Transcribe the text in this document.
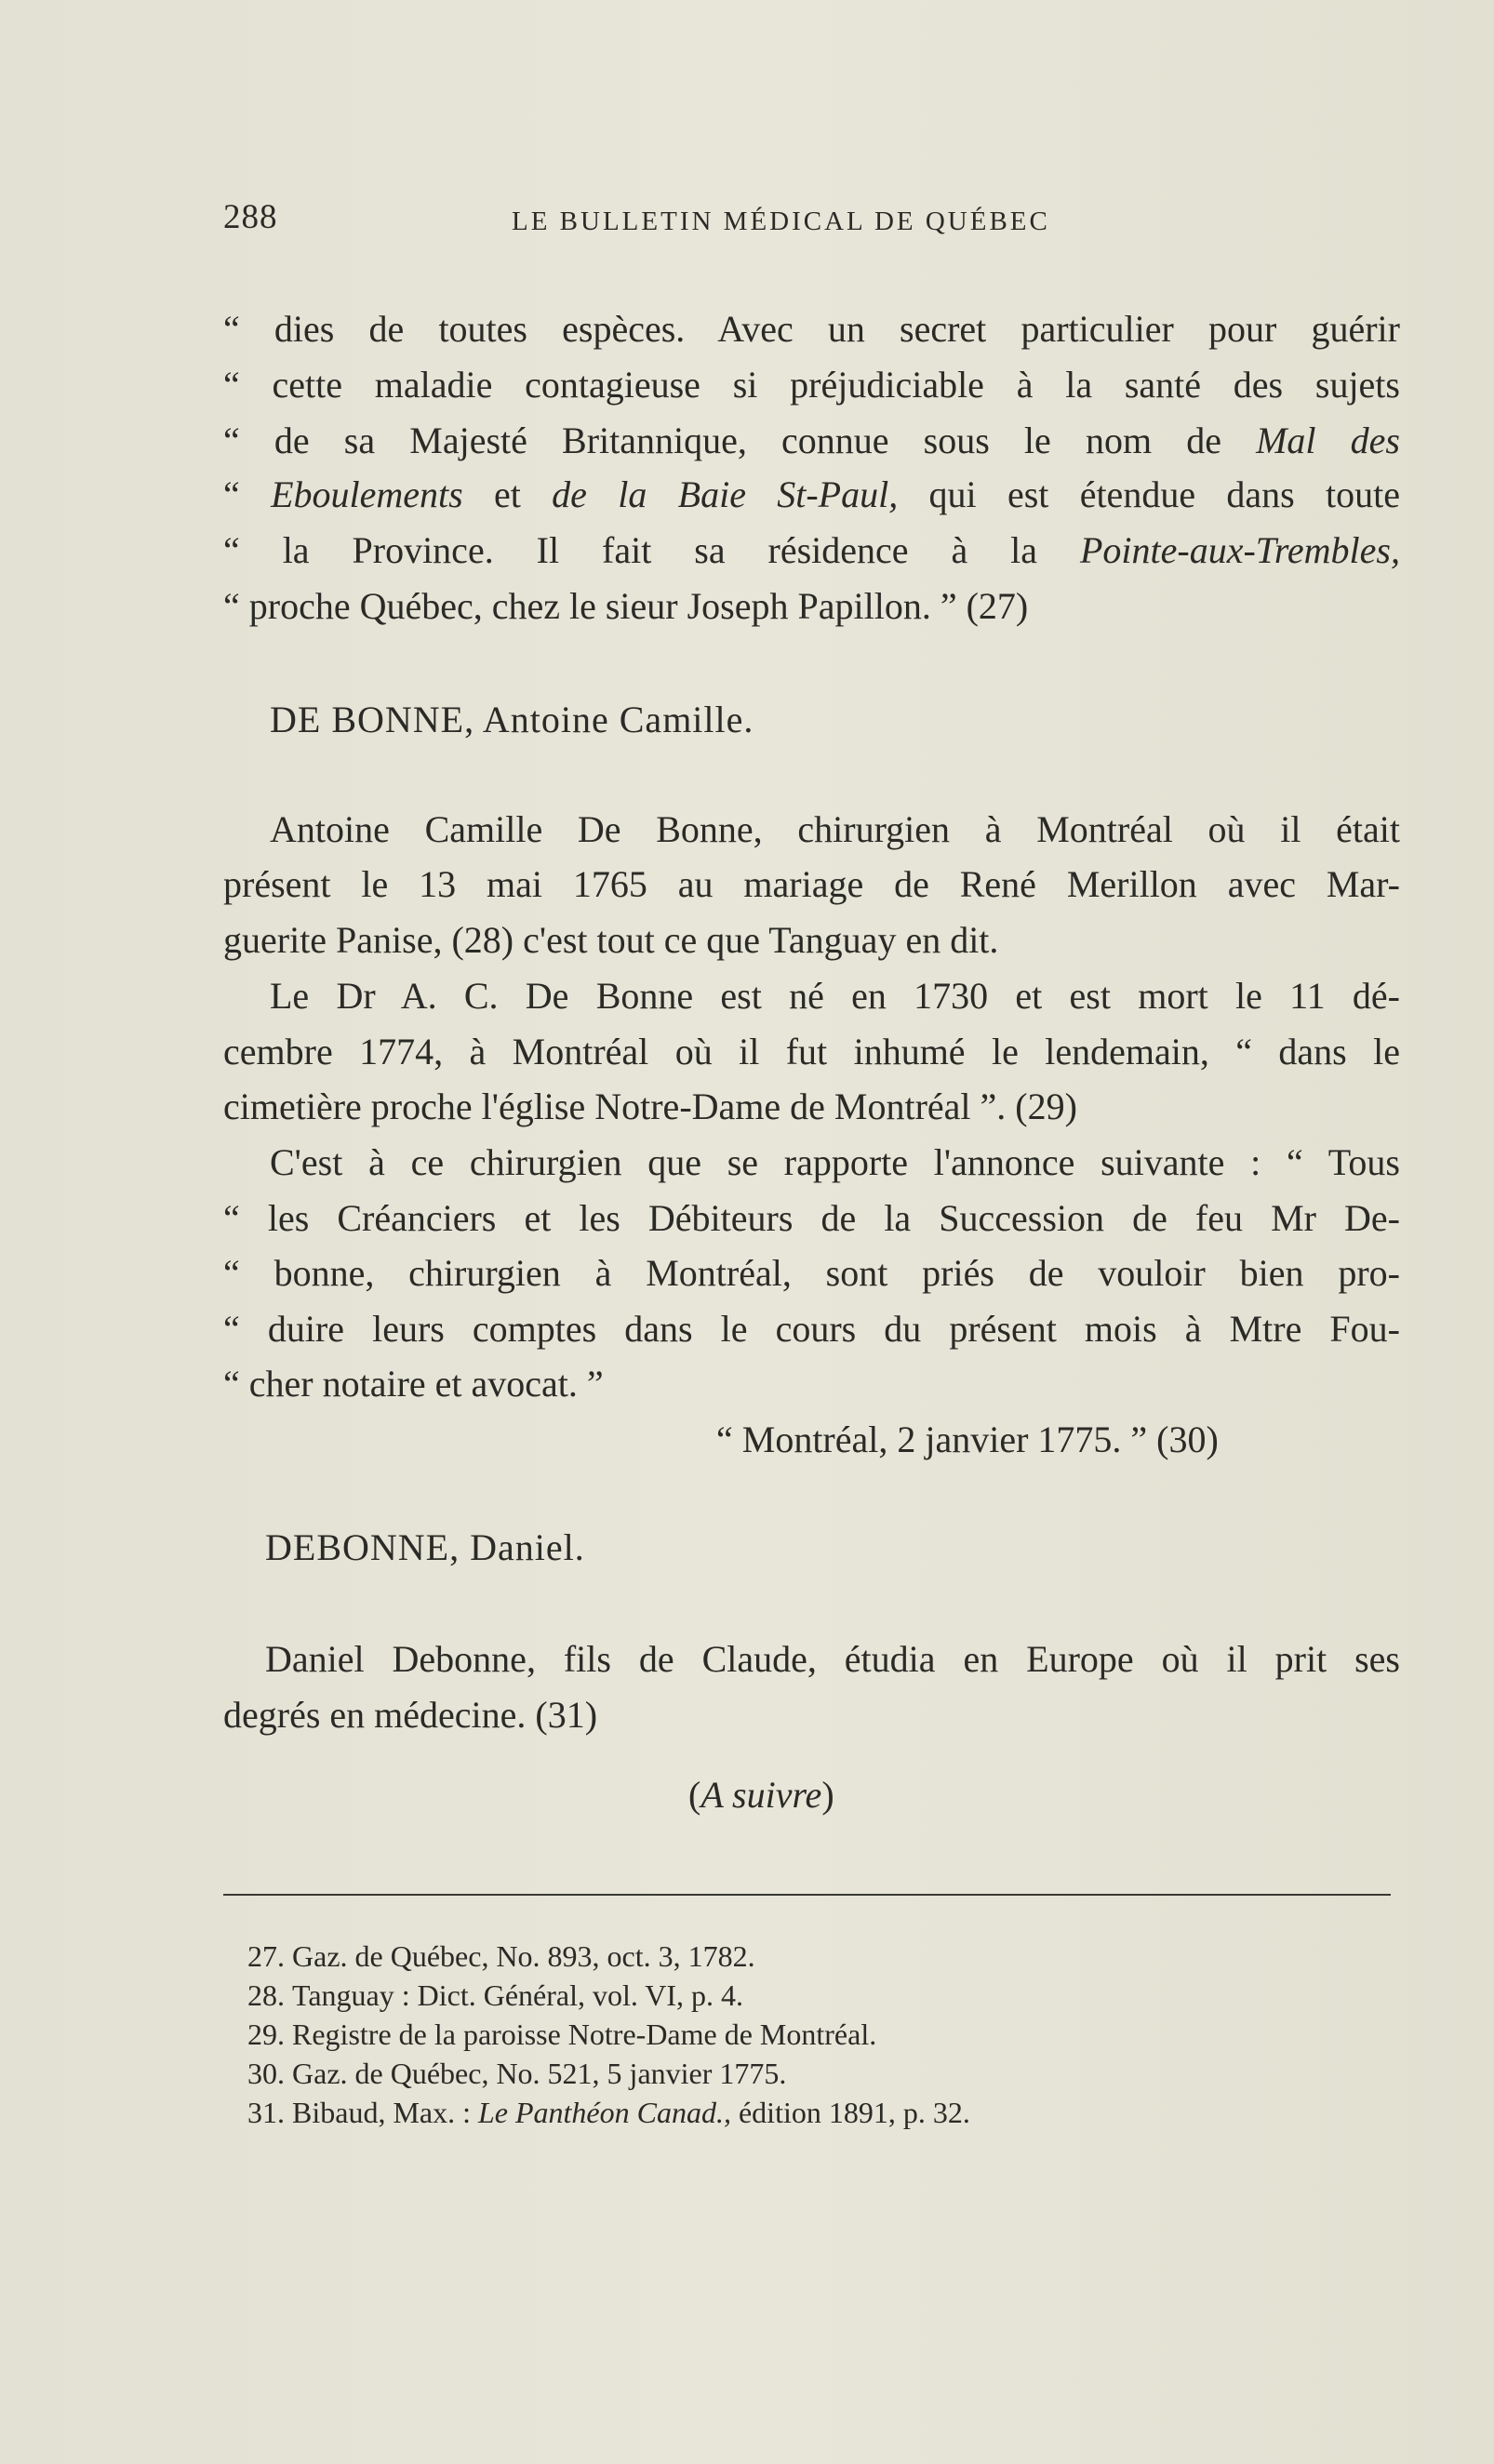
288	LE BULLETIN MÉDICAL DE QUÉBEC
“ dies de toutes espèces. Avec un secret particulier pour guérir
“ cette maladie contagieuse si préjudiciable à la santé des sujets
“ de sa Majesté Britannique, connue sous le nom de Mal des
“ Eboulements et de la Baie St-Paul, qui est étendue dans toute
“ la Province. Il fait sa résidence à la Pointe-aux-Trembles,
“ proche Québec, chez le sieur Joseph Papillon. ” (27)
DE BONNE, Antoine Camille.
Antoine Camille De Bonne, chirurgien à Montréal où il était
présent le 13 mai 1765 au mariage de René Merillon avec Mar-
guerite Panise, (28) c'est tout ce que Tanguay en dit.
Le Dr A. C. De Bonne est né en 1730 et est mort le 11 dé-
cembre 1774, à Montréal où il fut inhumé le lendemain, “ dans le
cimetière proche l'église Notre-Dame de Montréal ”. (29)
C'est à ce chirurgien que se rapporte l'annonce suivante : “ Tous
“ les Créanciers et les Débiteurs de la Succession de feu Mr De-
“ bonne, chirurgien à Montréal, sont priés de vouloir bien pro-
“ duire leurs comptes dans le cours du présent mois à Mtre Fou-
“ cher notaire et avocat. ”
“ Montréal, 2 janvier 1775. ” (30)
DEBONNE, Daniel.
Daniel Debonne, fils de Claude, étudia en Europe où il prit ses
degrés en médecine. (31)
(A suivre)
27. Gaz. de Québec, No. 893, oct. 3, 1782.
28. Tanguay : Dict. Général, vol. VI, p. 4.
29. Registre de la paroisse Notre-Dame de Montréal.
30. Gaz. de Québec, No. 521, 5 janvier 1775.
31. Bibaud, Max. : Le Panthéon Canad., édition 1891, p. 32.
